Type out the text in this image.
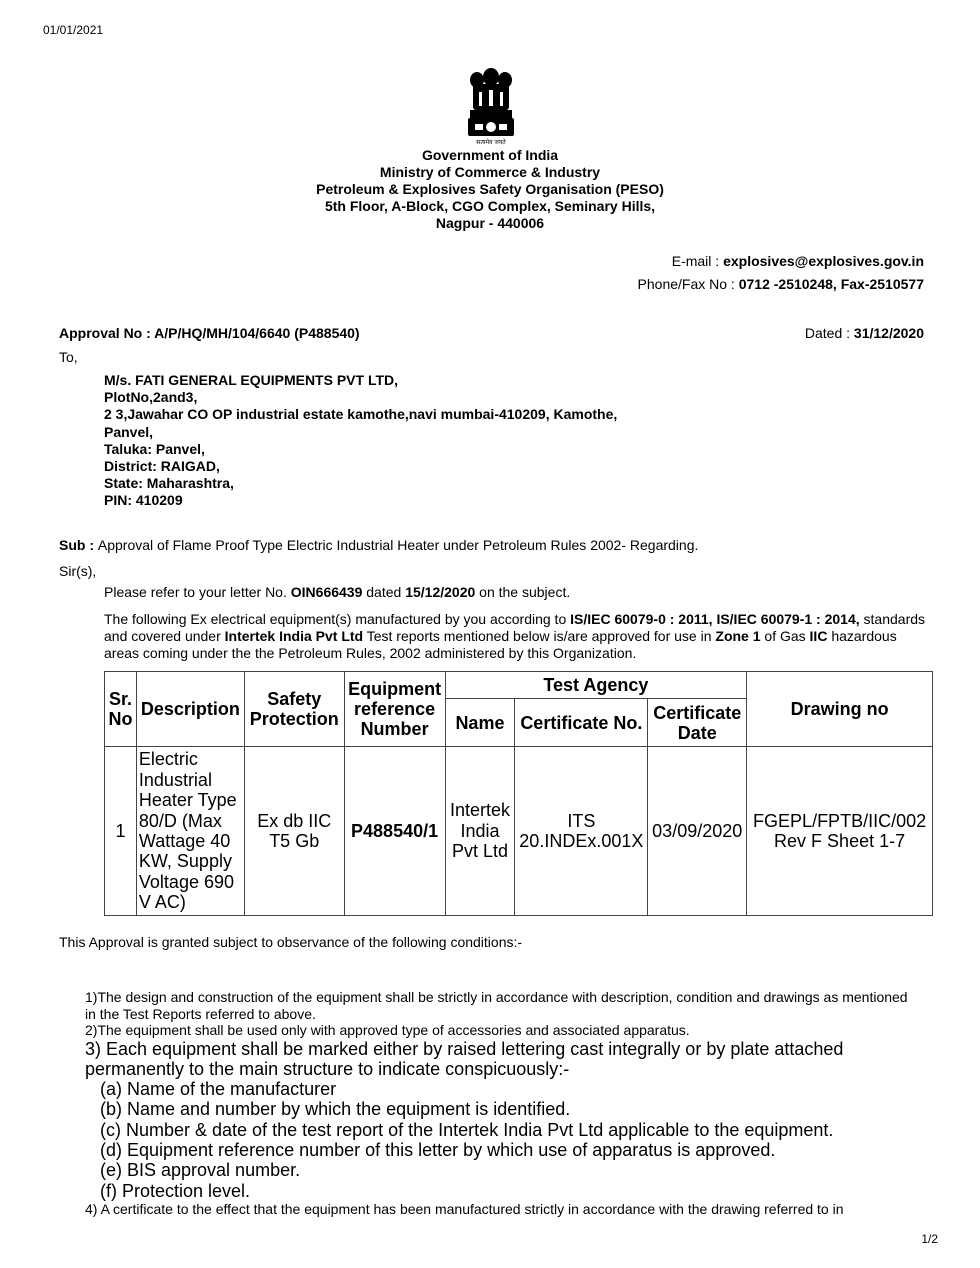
01/01/2021
सत्यमेव जयते
Government of India
Ministry of Commerce & Industry
Petroleum & Explosives Safety Organisation (PESO)
5th Floor, A-Block, CGO Complex, Seminary Hills,
Nagpur - 440006
E-mail : explosives@explosives.gov.in
Phone/Fax No : 0712 -2510248, Fax-2510577
Approval No : A/P/HQ/MH/104/6640 (P488540)	Dated : 31/12/2020
To,
M/s. FATI GENERAL EQUIPMENTS PVT LTD,
PlotNo,2and3,
2 3,Jawahar CO OP industrial estate kamothe,navi mumbai-410209, Kamothe,
Panvel,
Taluka: Panvel,
District: RAIGAD,
State: Maharashtra,
PIN: 410209
Sub : Approval of Flame Proof Type Electric Industrial Heater under Petroleum Rules 2002- Regarding.
Sir(s),
Please refer to your letter No. OIN666439 dated 15/12/2020 on the subject.
The following Ex electrical equipment(s) manufactured by you according to IS/IEC 60079-0 : 2011, IS/IEC 60079-1 : 2014, standards and covered under Intertek India Pvt Ltd Test reports mentioned below is/are approved for use in Zone 1 of Gas IIC hazardous areas coming under the the Petroleum Rules, 2002 administered by this Organization.
Sr. No	Description	Safety Protection	Equipment reference Number	Test Agency			Drawing no
				Name	Certificate No.	Certificate Date	
1	Electric Industrial Heater Type 80/D (Max Wattage 40 KW, Supply Voltage 690 V AC)	Ex db IIC T5 Gb	P488540/1	Intertek India Pvt Ltd	ITS 20.INDEx.001X	03/09/2020	FGEPL/FPTB/IIC/002 Rev F Sheet 1-7
This Approval is granted subject to observance of the following conditions:-
1)The design and construction of the equipment shall be strictly in accordance with description, condition and drawings as mentioned in the Test Reports referred to above.
2)The equipment shall be used only with approved type of accessories and associated apparatus.
3) Each equipment shall be marked either by raised lettering cast integrally or by plate attached permanently to the main structure to indicate conspicuously:-
(a) Name of the manufacturer
(b) Name and number by which the equipment is identified.
(c) Number & date of the test report of the Intertek India Pvt Ltd applicable to the equipment.
(d) Equipment reference number of this letter by which use of apparatus is approved.
(e) BIS approval number.
(f) Protection level.
4) A certificate to the effect that the equipment has been manufactured strictly in accordance with the drawing referred to in
1/2
